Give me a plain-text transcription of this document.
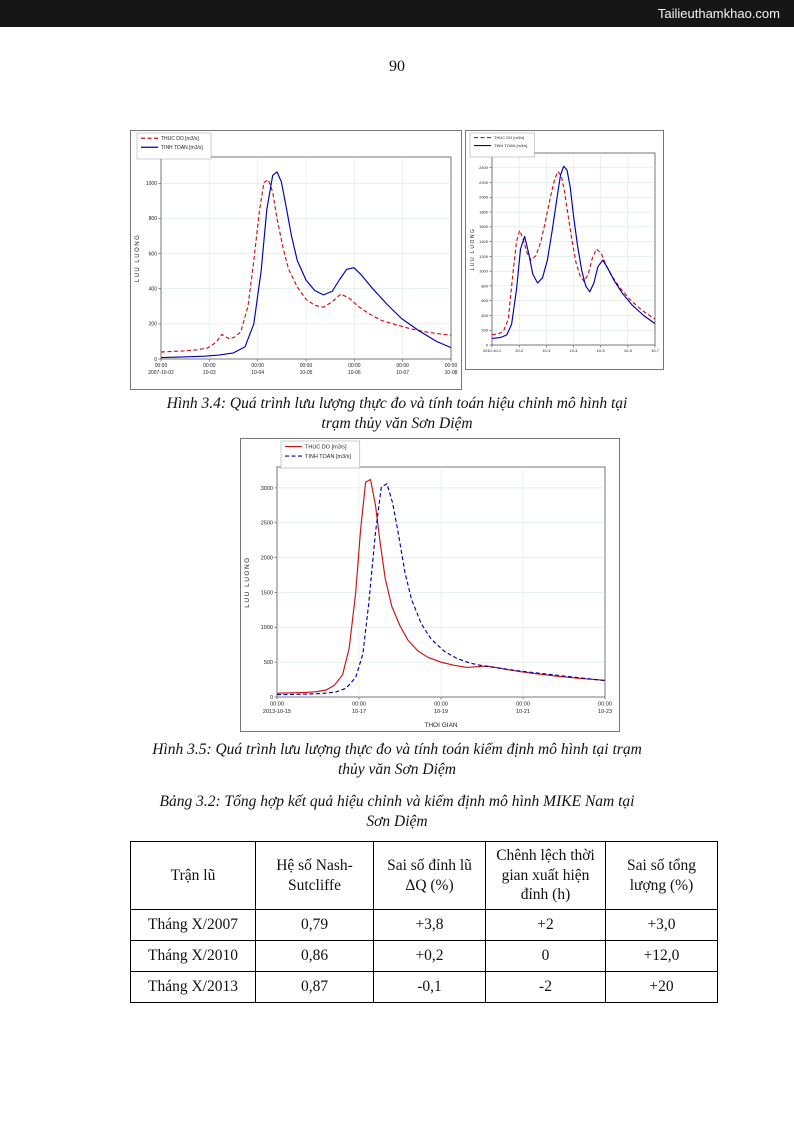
Tailieuthamkhao.com
90
0
200
400
600
800
1000
00:00
2007-10-02
00:00
10-03
00:00
10-04
00:00
10-05
00:00
10-06
00:00
10-07
00:00
10-08
LUU LUONG
THUC DO [m3/s]
TINH TOAN [m3/s]
0
200
400
600
800
1000
1200
1400
1600
1800
2000
2200
2400
2010-10-1	10-2	10-3	10-4	10-5	10-6	10-7
LUU LUONG
THUC DO [m3/s]
TINH TOAN [m3/s]
Hình 3.4: Quá trình lưu lượng thực đo và tính toán hiệu chỉnh mô hình tại
trạm thủy văn Sơn Diệm
0
500
1000
1500
2000
2500
3000
00:00
2013-10-15
00:00
10-17
00:00
10-19
00:00
10-21
00:00
10-23
THOI GIAN
LUU LUONG
THUC DO [m3/s]
TINH TOAN [m3/s]
Hình 3.5: Quá trình lưu lượng thực đo và tính toán kiểm định mô hình tại trạm
thủy văn Sơn Diệm
Bảng 3.2: Tổng hợp kết quả hiệu chỉnh và kiểm định mô hình MIKE Nam tại
Sơn Diệm
Trận lũ	Hệ số Nash-Sutcliffe	Sai số đỉnh lũ ΔQ (%)	Chênh lệch thời gian xuất hiện đỉnh (h)	Sai số tổng lượng (%)
Tháng X/2007	0,79	+3,8	+2	+3,0
Tháng X/2010	0,86	+0,2	0	+12,0
Tháng X/2013	0,87	-0,1	-2	+20
